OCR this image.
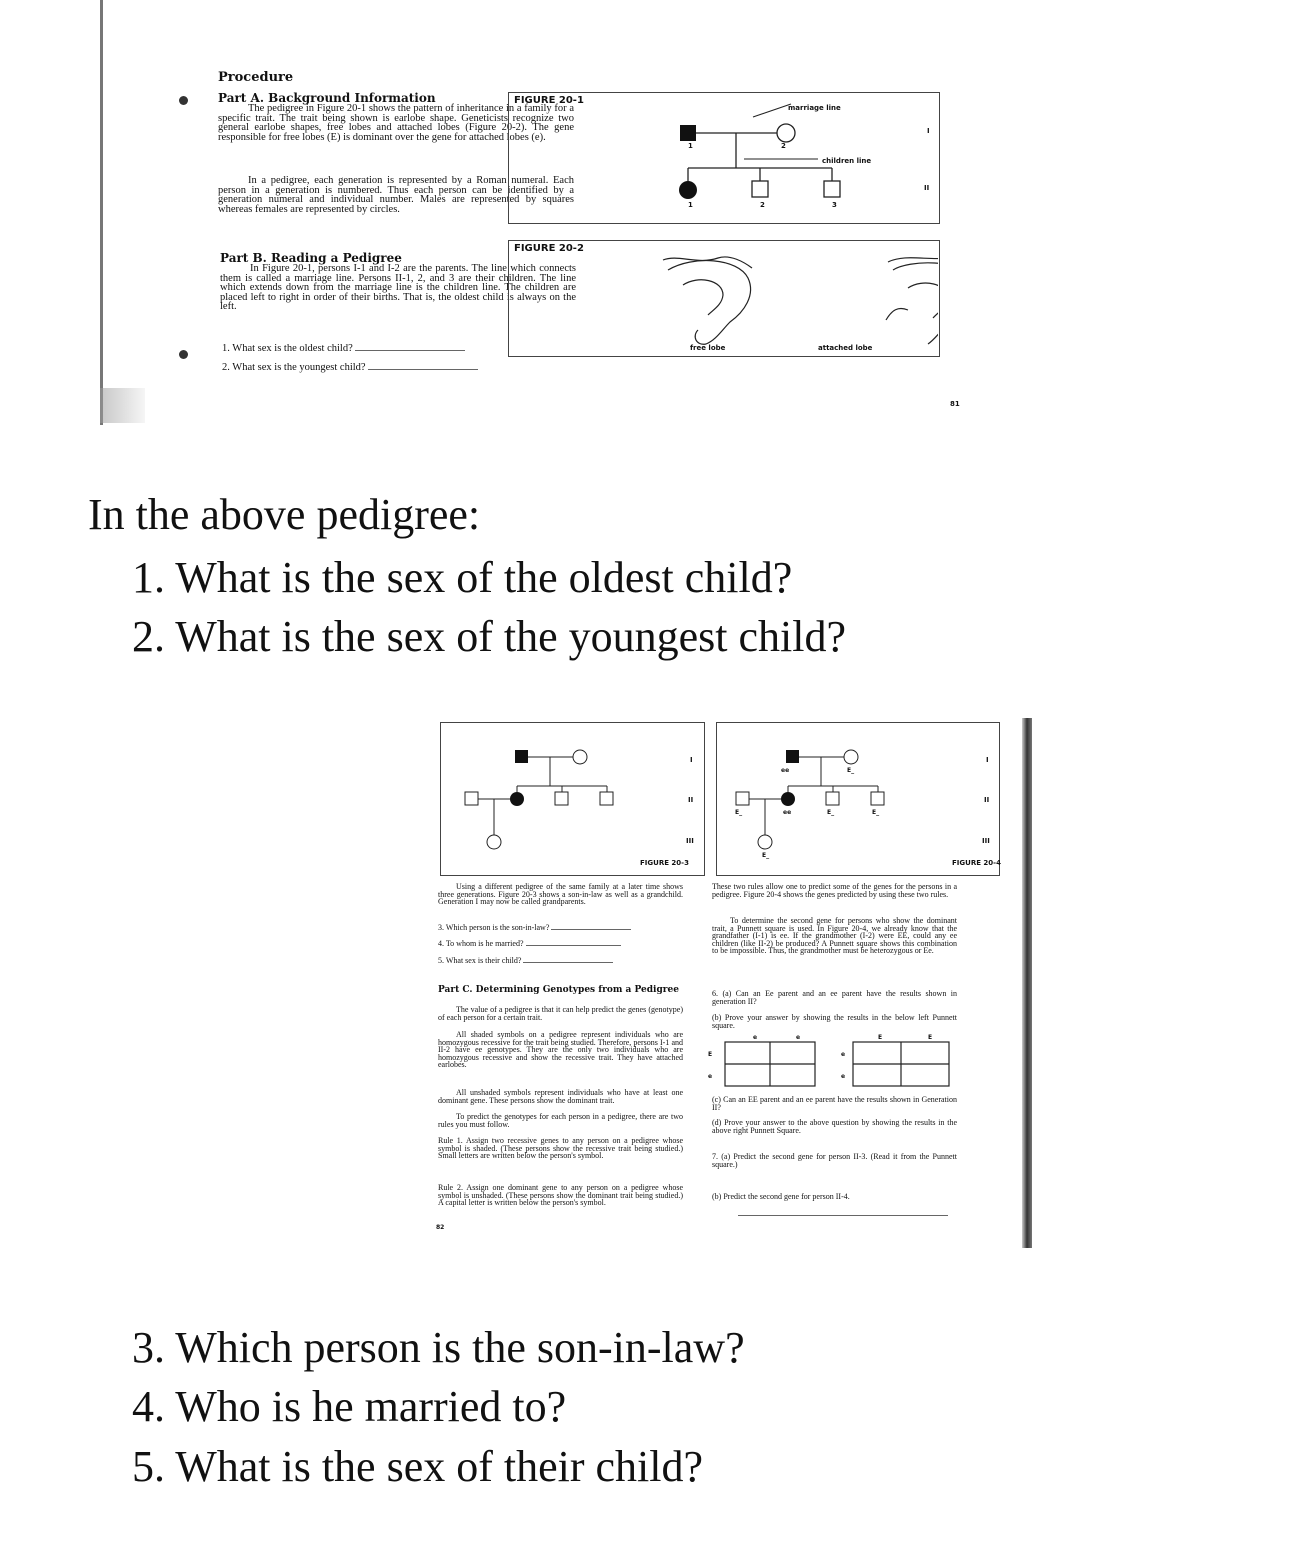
Procedure
Part A. Background Information
The pedigree in Figure 20-1 shows the pattern of inheritance in a family for a specific trait. The trait being shown is earlobe shape. Geneticists recognize two general earlobe shapes, free lobes and attached lobes (Figure 20-2). The gene responsible for free lobes (E) is dominant over the gene for attached lobes (e).
In a pedigree, each generation is represented by a Roman numeral. Each person in a generation is numbered. Thus each person can be identified by a generation numeral and individual number. Males are represented by squares whereas females are represented by circles.
Part B. Reading a Pedigree
In Figure 20-1, persons I-1 and I-2 are the parents. The line which connects them is called a marriage line. Persons II-1, 2, and 3 are their children. The line which extends down from the marriage line is the children line. The children are placed left to right in order of their births. That is, the oldest child is always on the left.
1. What sex is the oldest child?
2. What sex is the youngest child?
FIGURE 20-1
marriage line
children line
I
II
1	2
1	2	3
FIGURE 20-2
free lobe	attached lobe
81
In the above pedigree:
1. What is the sex of the oldest child?
2. What is the sex of the youngest child?
FIGURE 20-3
I
II
III
FIGURE 20-4
I
II
III
ee	E_
E_	ee	E_	E_
E_
Using a different pedigree of the same family at a later time shows three generations. Figure 20-3 shows a son-in-law as well as a grandchild. Generation I may now be called grandparents.
3. Which person is the son-in-law?
4. To whom is he married?
5. What sex is their child?
Part C. Determining Genotypes from a Pedigree
The value of a pedigree is that it can help predict the genes (genotype) of each person for a certain trait.
All shaded symbols on a pedigree represent individuals who are homozygous recessive for the trait being studied. Therefore, persons I-1 and II-2 have ee genotypes. They are the only two individuals who are homozygous recessive and show the recessive trait. They have attached earlobes.
All unshaded symbols represent individuals who have at least one dominant gene. These persons show the dominant trait.
To predict the genotypes for each person in a pedigree, there are two rules you must follow.
Rule 1. Assign two recessive genes to any person on a pedigree whose symbol is shaded. (These persons show the recessive trait being studied.) Small letters are written below the person's symbol.
Rule 2. Assign one dominant gene to any person on a pedigree whose symbol is unshaded. (These persons show the dominant trait being studied.) A capital letter is written below the person's symbol.
82
These two rules allow one to predict some of the genes for the persons in a pedigree. Figure 20-4 shows the genes predicted by using these two rules.
To determine the second gene for persons who show the dominant trait, a Punnett square is used. In Figure 20-4, we already know that the grandfather (I-1) is ee. If the grandmother (I-2) were EE, could any ee children (like II-2) be produced? A Punnett square shows this combination to be impossible. Thus, the grandmother must be heterozygous or Ee.
6. (a) Can an Ee parent and an ee parent have the results shown in generation II?
(b) Prove your answer by showing the results in the below left Punnett square.
e	e
E
e
E	E
e
e
(c) Can an EE parent and an ee parent have the results shown in Generation II?
(d) Prove your answer to the above question by showing the results in the above right Punnett Square.
7. (a) Predict the second gene for person II-3. (Read it from the Punnett square.)
(b) Predict the second gene for person II-4.
3. Which person is the son-in-law?
4. Who is he married to?
5. What is the sex of their child?
